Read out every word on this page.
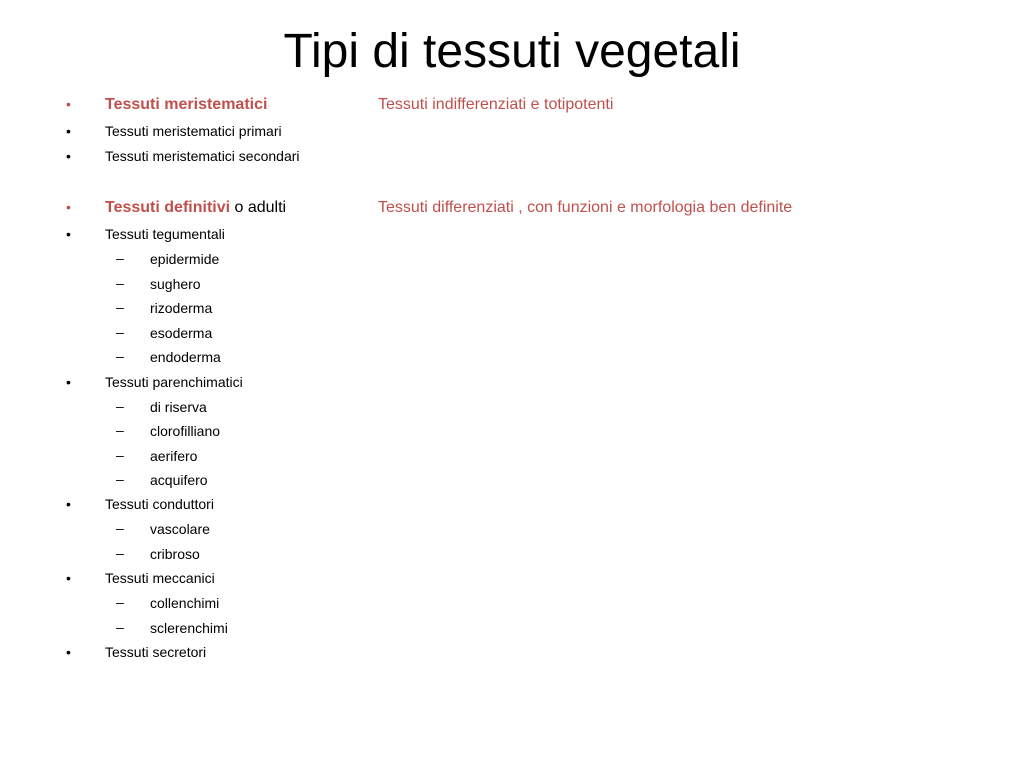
Tipi di tessuti vegetali
• Tessuti meristematici	Tessuti indifferenziati e totipotenti
• Tessuti meristematici primari
• Tessuti meristematici secondari
• Tessuti definitivi o adulti	Tessuti differenziati , con funzioni e morfologia ben definite
• Tessuti tegumentali
– epidermide
– sughero
– rizoderma
– esoderma
– endoderma
• Tessuti parenchimatici
– di riserva
– clorofilliano
– aerifero
– acquifero
• Tessuti conduttori
– vascolare
– cribroso
• Tessuti meccanici
– collenchimi
– sclerenchimi
• Tessuti secretori
